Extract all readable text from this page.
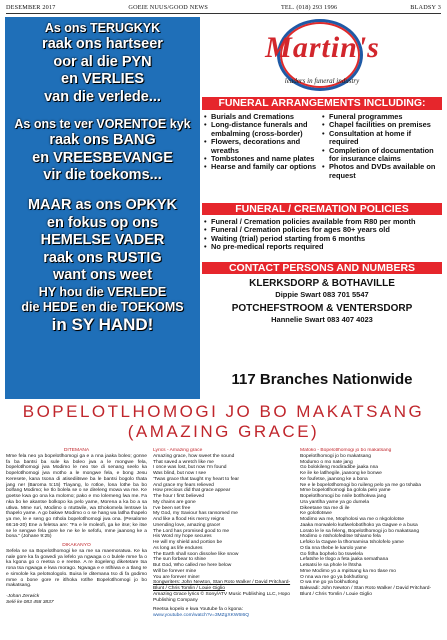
DESEMBER 2017	GOEIE NUUS/GOOD NEWS	TEL. (018) 293 1996	BLADSY 3
As ons TERUGKYK
raak ons hartseer
oor al die PYN
en VERLIES
van die verlede...
As ons te ver VORENTOE kyk
raak ons BANG
en VREESBEVANGE
vir die toekoms...
MAAR as ons OPKYK
en fokus op ons
HEMELSE VADER
raak ons RUSTIG
want ons weet
HY hou die VERLEDE
die HEDE en die TOEKOMS
in SY HAND!
Martin's
leaders in funeral industry
FUNERAL ARRANGEMENTS INCLUDING:
• Burials and Cremations
• Long-distance funerals and embalming (cross-border)
• Flowers, decorations and wreaths
• Tombstones and name plates
• Hearse and family car options
• Funeral programmes
• Chapel facilities on premises
• Consultation at home if required
• Completion of documentation for insurance claims
• Photos and DVDs available on request
FUNERAL / CREMATION POLICIES
• Funeral / Cremation policies available from R80 per month
• Funeral / Cremation policies for ages 80+ years old
• Waiting (trial) period starting from 6 months
• No pre-medical reports required
CONTACT PERSONS AND NUMBERS
KLERKSDORP & BOTHAVILLE
Dippie Swart 083 701 5547
POTCHEFSTROOM & VENTERSDORP
Hannelie Swart 083 407 4023
117 Branches Nationwide
BOPELOTLHOMOGI JO BO MAKATSANG (AMAZING GRACE)
DITEMANA

Mme fela neo ya bopelotlhomogi ga e a nna jaaka boleo; gonne fa ba bantsi ba sule ka boleo jwa a le mongwe fela, bopelotlhomogi jwa Modimo le neo tse di senang seelo ka bopelotlhomogi jwa motho a le mongwe fela, e bong Jesu Keresete, kana tsona di atisediitswe ba le bantsi bogolo thata jang ne! (Baroma 5:15) Tlayang, lo rotloe, lona lothe ba bo bolfang Modimo; ke tlo bolela se o se direleng mowa wa me. Ke goetse kwa go ona ka molomo; pako e mo lolemeng lwa me. Fa nka bo ke akantse bolkopo ka pelo yame, Morena a ka bo a sa utlwa. Mme ruri, Modimo o ntuttwile, wa Ehokomela lentswe la thapelo yame. A go bakwe Modimo o o se hang wa latlha thapelo ya me, le e seng go nthola bopelotlhomogi jwa ona. (Pesalome 66:16-20) Ene a feletsa are: "Fa e le moleofi, ga ke itse; ke itse se le sengwe fela gore ke ne ke le sefofu, mme jaanong ke a bona." (Johane 9:25)

DIKAKANYO

Sefela se sa Bopelotlhomogi ke sa me sa maemoratwa. Ke ka nale gore ka fa gowedi ya lefelo ya ngwaga o o bulele mme fa o ka kgona go o reetsa o e reetse. A re itogeleng diketetare tsa rona tsa ngwaga e kwa morago. Ngwaga e e ntlhiwa e a tlang re e simolole ka pelotsologolo. Buisa le ditemana tso di fa godimo mme o bone gore re itlhoka rotlhe Bopelotlhomogi jo bo makatsang.

-Johan Zerwick

Selé ke 083 458 3837

Lyrics - Amazing grace
Amazing grace, how sweet the sound
That saved a wretch like me
I once was lost, but now I'm found
Was blind, but now I see
'Twas grace that taught my heart to fear
And grace my fears relieved
How precious did that grace appear
The hour I first believed
My chains are gone
I've been set free
My God, my Saviour has ransomed me
And like a flood His mercy reigns
Unending love, amazing grace!
The Lord has promised good to me
His Word my hope secures
He will my shield and portion be
As long as life endures
The Earth shall soon dissolve like snow
The sun forbear to shine
But God, Who called me here below
Will be forever mine
You are forever mine!

Songwriters: John Newton, Stan Roto Walker / David Pritchard-Blunt / Chris Tomlin / Louie Giglio

Amazing Grace lyrics © Sony/ATV Music Publishing LLC, Hopo Publishing Company

Reetsa kopelo e kwa Youtube fa o kgona:

www.youtube.com/watch?v=3MZgXKW6I6Q

Mafoko - Bopelotlhomogi jo bo makatsang
Bopelotlhomogi jo bo makatsang
Modumo o mo nate jang
Go bolokileng modiradibe jaaka nna
Ke ile ke latlhegile, jaanong ke bonwe
Ke foufetse, jaanong ke a bona
Ne e le bopelotlhomogi bo ruileng pelo ya me go tshaba
Mme bopelotlhomogi ba golola pelo yame
Bopelotlhomogi bo nnile botlhokwa jang
Ura yantlha yame ya go dumela
Dikeetane tsa me di ile
Ke golotlotswe
Modimo wa me, Mopholosi wa me o nkgololotse
Jaaka morwalelo kutlwelobotlhoko ya Gagwe e a busa
Lorato le le sa feleng, Bopelotlhomogi jo bo makatsang
Modimo o ntsholofeditse tshiamo fela
Lefoko la Gagwe la tlhomamisa tsholofelo yame
O tla nna thebe le karolo yame
Go fitlha bophelo bo tswelela
Lefatshe le tlogo a feta jaaka semathana
Letsatsi le sa phole le lhtsha
Mme Modimo yo a mpitsang ka mo tlase mo
O nna wa me go ya bokhutlong
O wa me go ya bokhutlong

Bakwadi: John Newton / Stan Roto Walker / David Pritchard-Blunt / Chris Tomlin / Louie Giglio
